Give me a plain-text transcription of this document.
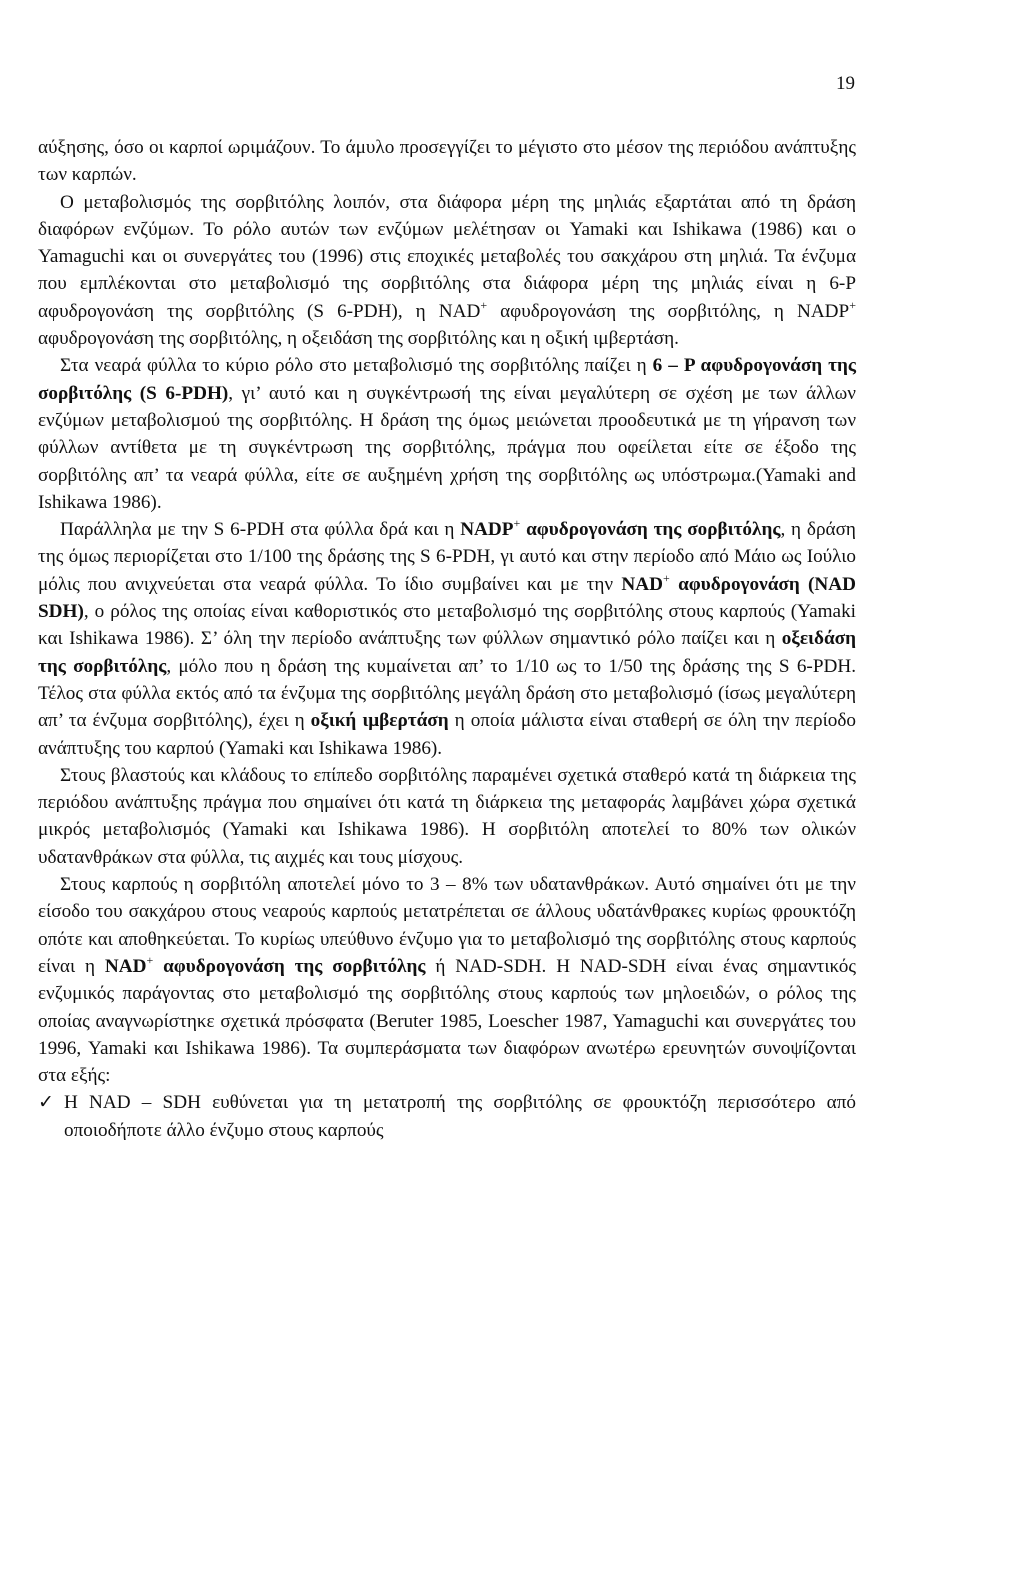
19

αύξησης, όσο οι καρποί ωριμάζουν. Το άμυλο προσεγγίζει το μέγιστο στο μέσον της περιόδου ανάπτυξης των καρπών.

Ο μεταβολισμός της σορβιτόλης λοιπόν, στα διάφορα μέρη της μηλιάς εξαρτάται από τη δράση διαφόρων ενζύμων. Το ρόλο αυτών των ενζύμων μελέτησαν οι Yamaki και Ishikawa (1986) και ο Yamaguchi και οι συνεργάτες του (1996) στις εποχικές μεταβολές του σακχάρου στη μηλιά. Τα ένζυμα που εμπλέκονται στο μεταβολισμό της σορβιτόλης στα διάφορα μέρη της μηλιάς είναι η 6-P αφυδρογονάση της σορβιτόλης (S 6-PDH), η NAD+ αφυδρογονάση της σορβιτόλης, η NADP+ αφυδρογονάση της σορβιτόλης, η οξειδάση της σορβιτόλης και η οξική ιμβερτάση.

Στα νεαρά φύλλα το κύριο ρόλο στο μεταβολισμό της σορβιτόλης παίζει η 6 – P αφυδρογονάση της σορβιτόλης (S 6-PDH), γι’ αυτό και η συγκέντρωσή της είναι μεγαλύτερη σε σχέση με των άλλων ενζύμων μεταβολισμού της σορβιτόλης. Η δράση της όμως μειώνεται προοδευτικά με τη γήρανση των φύλλων αντίθετα με τη συγκέντρωση της σορβιτόλης, πράγμα που οφείλεται είτε σε έξοδο της σορβιτόλης απ’ τα νεαρά φύλλα, είτε σε αυξημένη χρήση της σορβιτόλης ως υπόστρωμα.(Yamaki and Ishikawa 1986).

Παράλληλα με την S 6-PDH στα φύλλα δρά και η NADP+ αφυδρογονάση της σορβιτόλης, η δράση της όμως περιορίζεται στο 1/100 της δράσης της S 6-PDH, γι αυτό και στην περίοδο από Μάιο ως Ιούλιο μόλις που ανιχνεύεται στα νεαρά φύλλα. Το ίδιο συμβαίνει και με την NAD+ αφυδρογονάση (NAD SDH), ο ρόλος της οποίας είναι καθοριστικός στο μεταβολισμό της σορβιτόλης στους καρπούς (Yamaki και Ishikawa 1986). Σ’ όλη την περίοδο ανάπτυξης των φύλλων σημαντικό ρόλο παίζει και η οξειδάση της σορβιτόλης, μόλο που η δράση της κυμαίνεται απ’ το 1/10 ως το 1/50 της δράσης της S 6-PDH. Τέλος στα φύλλα εκτός από τα ένζυμα της σορβιτόλης μεγάλη δράση στο μεταβολισμό (ίσως μεγαλύτερη απ’ τα ένζυμα σορβιτόλης), έχει η οξική ιμβερτάση η οποία μάλιστα είναι σταθερή σε όλη την περίοδο ανάπτυξης του καρπού (Yamaki και Ishikawa 1986).

Στους βλαστούς και κλάδους το επίπεδο σορβιτόλης παραμένει σχετικά σταθερό κατά τη διάρκεια της περιόδου ανάπτυξης πράγμα που σημαίνει ότι κατά τη διάρκεια της μεταφοράς λαμβάνει χώρα σχετικά μικρός μεταβολισμός (Yamaki και Ishikawa 1986). Η σορβιτόλη αποτελεί το 80% των ολικών υδατανθράκων στα φύλλα, τις αιχμές και τους μίσχους.

Στους καρπούς η σορβιτόλη αποτελεί μόνο το 3 – 8% των υδατανθράκων. Αυτό σημαίνει ότι με την είσοδο του σακχάρου στους νεαρούς καρπούς μετατρέπεται σε άλλους υδατάνθρακες κυρίως φρουκτόζη οπότε και αποθηκεύεται. Το κυρίως υπεύθυνο ένζυμο για το μεταβολισμό της σορβιτόλης στους καρπούς είναι η NAD+ αφυδρογονάση της σορβιτόλης ή NAD-SDH. Η NAD-SDH είναι ένας σημαντικός ενζυμικός παράγοντας στο μεταβολισμό της σορβιτόλης στους καρπούς των μηλοειδών, ο ρόλος της οποίας αναγνωρίστηκε σχετικά πρόσφατα (Beruter 1985, Loescher 1987, Yamaguchi και συνεργάτες του 1996, Yamaki και Ishikawa 1986). Τα συμπεράσματα των διαφόρων ανωτέρω ερευνητών συνοψίζονται στα εξής:

✓ Η NAD – SDH ευθύνεται για τη μετατροπή της σορβιτόλης σε φρουκτόζη περισσότερο από οποιοδήποτε άλλο ένζυμο στους καρπούς
